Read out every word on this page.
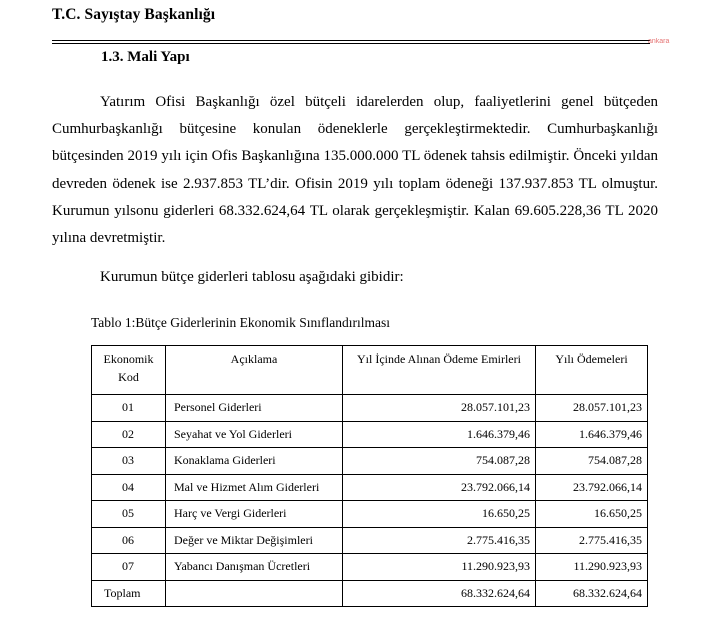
T.C. Sayıştay Başkanlığı
ankara
1.3. Mali Yapı

Yatırım Ofisi Başkanlığı özel bütçeli idarelerden olup, faaliyetlerini genel bütçeden Cumhurbaşkanlığı bütçesine konulan ödeneklerle gerçekleştirmektedir. Cumhurbaşkanlığı bütçesinden 2019 yılı için Ofis Başkanlığına 135.000.000 TL ödenek tahsis edilmiştir. Önceki yıldan devreden ödenek ise 2.937.853 TL’dir. Ofisin 2019 yılı toplam ödeneği 137.937.853 TL olmuştur. Kurumun yılsonu giderleri 68.332.624,64 TL olarak gerçekleşmiştir. Kalan 69.605.228,36 TL 2020 yılına devretmiştir.

Kurumun bütçe giderleri tablosu aşağıdaki gibidir:
Tablo 1:Bütçe Giderlerinin Ekonomik Sınıflandırılması
Ekonomik
Kod	Açıklama	Yıl İçinde Alınan Ödeme Emirleri	Yılı Ödemeleri
01	Personel Giderleri	28.057.101,23	28.057.101,23
02	Seyahat ve Yol Giderleri	1.646.379,46	1.646.379,46
03	Konaklama Giderleri	754.087,28	754.087,28
04	Mal ve Hizmet Alım Giderleri	23.792.066,14	23.792.066,14
05	Harç ve Vergi Giderleri	16.650,25	16.650,25
06	Değer ve Miktar Değişimleri	2.775.416,35	2.775.416,35
07	Yabancı Danışman Ücretleri	11.290.923,93	11.290.923,93
Toplam		68.332.624,64	68.332.624,64
